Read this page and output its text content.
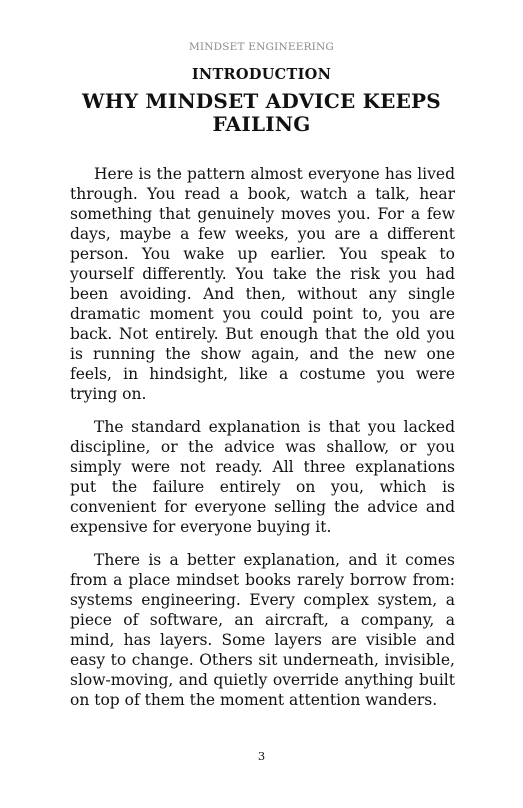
MINDSET ENGINEERING
INTRODUCTION
WHY MINDSET ADVICE KEEPS FAILING

Here is the pattern almost everyone has lived through. You read a book, watch a talk, hear something that genuinely moves you. For a few days, maybe a few weeks, you are a different person. You wake up earlier. You speak to yourself differently. You take the risk you had been avoiding. And then, without any single dramatic moment you could point to, you are back. Not entirely. But enough that the old you is running the show again, and the new one feels, in hindsight, like a costume you were trying on.

The standard explanation is that you lacked discipline, or the advice was shallow, or you simply were not ready. All three explanations put the failure entirely on you, which is convenient for everyone selling the advice and expensive for everyone buying it.

There is a better explanation, and it comes from a place mindset books rarely borrow from: systems engineering. Every complex system, a piece of software, an aircraft, a company, a mind, has layers. Some layers are visible and easy to change. Others sit underneath, invisible, slow-moving, and quietly override anything built on top of them the moment attention wanders.

3
